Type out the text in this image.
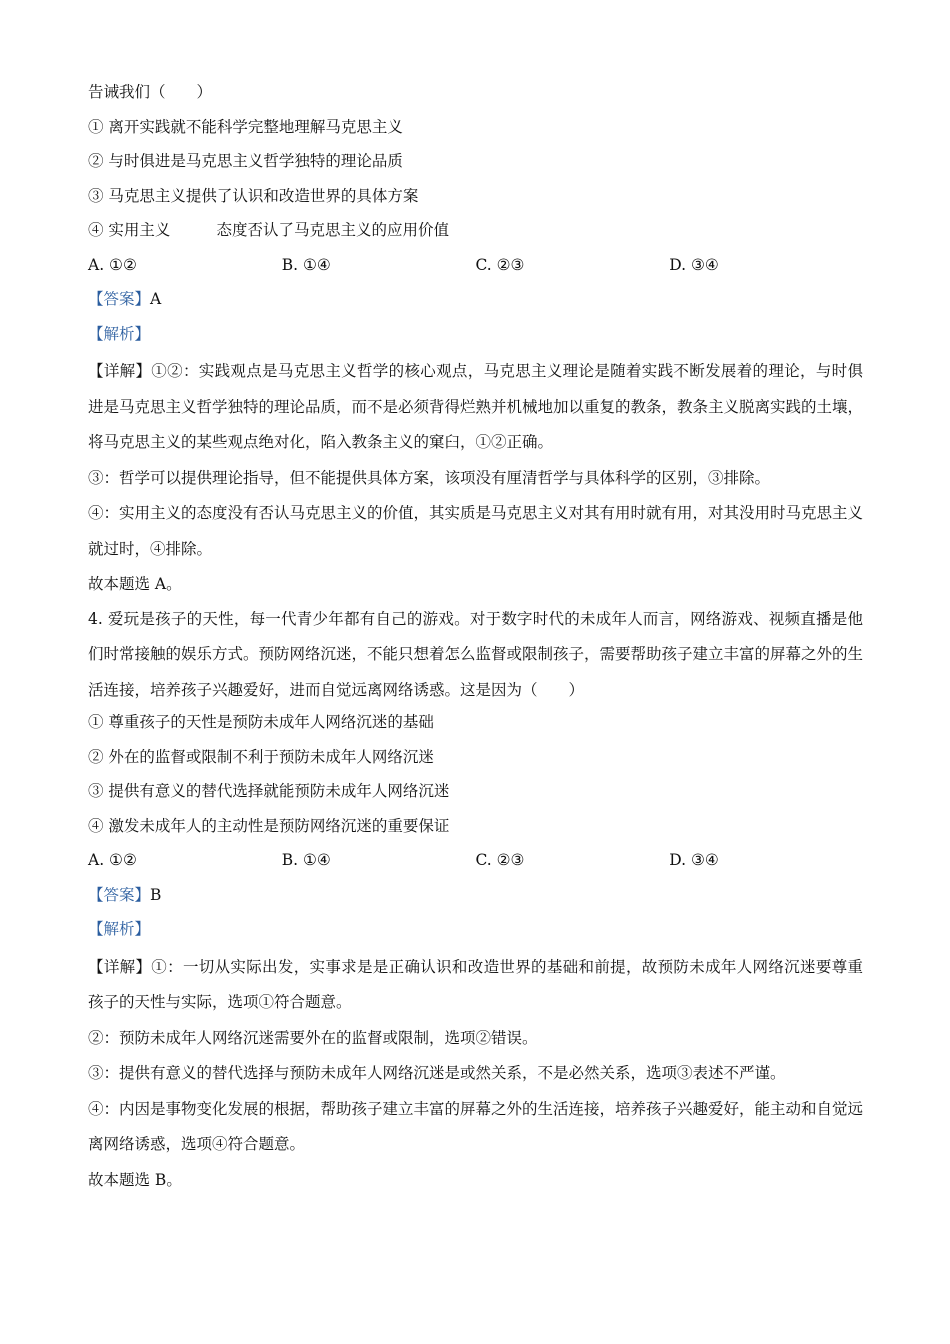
告诫我们（　　）
① 离开实践就不能科学完整地理解马克思主义
② 与时俱进是马克思主义哲学独特的理论品质
③ 马克思主义提供了认识和改造世界的具体方案
④ 实用主义	态度否认了马克思主义的应用价值
A. ①②	B. ①④	C. ②③	D. ③④
【答案】A
【解析】
【详解】①②：实践观点是马克思主义哲学的核心观点，马克思主义理论是随着实践不断发展着的理论，与时俱进是马克思主义哲学独特的理论品质，而不是必须背得烂熟并机械地加以重复的教条，教条主义脱离实践的土壤，将马克思主义的某些观点绝对化，陷入教条主义的窠臼，①②正确。
③：哲学可以提供理论指导，但不能提供具体方案，该项没有厘清哲学与具体科学的区别，③排除。
④：实用主义的态度没有否认马克思主义的价值，其实质是马克思主义对其有用时就有用，对其没用时马克思主义就过时，④排除。
故本题选 A。
4. 爱玩是孩子的天性，每一代青少年都有自己的游戏。对于数字时代的未成年人而言，网络游戏、视频直播是他们时常接触的娱乐方式。预防网络沉迷，不能只想着怎么监督或限制孩子，需要帮助孩子建立丰富的屏幕之外的生活连接，培养孩子兴趣爱好，进而自觉远离网络诱惑。这是因为（　　）
① 尊重孩子的天性是预防未成年人网络沉迷的基础
② 外在的监督或限制不利于预防未成年人网络沉迷
③ 提供有意义的替代选择就能预防未成年人网络沉迷
④ 激发未成年人的主动性是预防网络沉迷的重要保证
A. ①②	B. ①④	C. ②③	D. ③④
【答案】B
【解析】
【详解】①：一切从实际出发，实事求是是正确认识和改造世界的基础和前提，故预防未成年人网络沉迷要尊重孩子的天性与实际，选项①符合题意。
②：预防未成年人网络沉迷需要外在的监督或限制，选项②错误。
③：提供有意义的替代选择与预防未成年人网络沉迷是或然关系，不是必然关系，选项③表述不严谨。
④：内因是事物变化发展的根据，帮助孩子建立丰富的屏幕之外的生活连接，培养孩子兴趣爱好，能主动和自觉远离网络诱惑，选项④符合题意。
故本题选 B。
